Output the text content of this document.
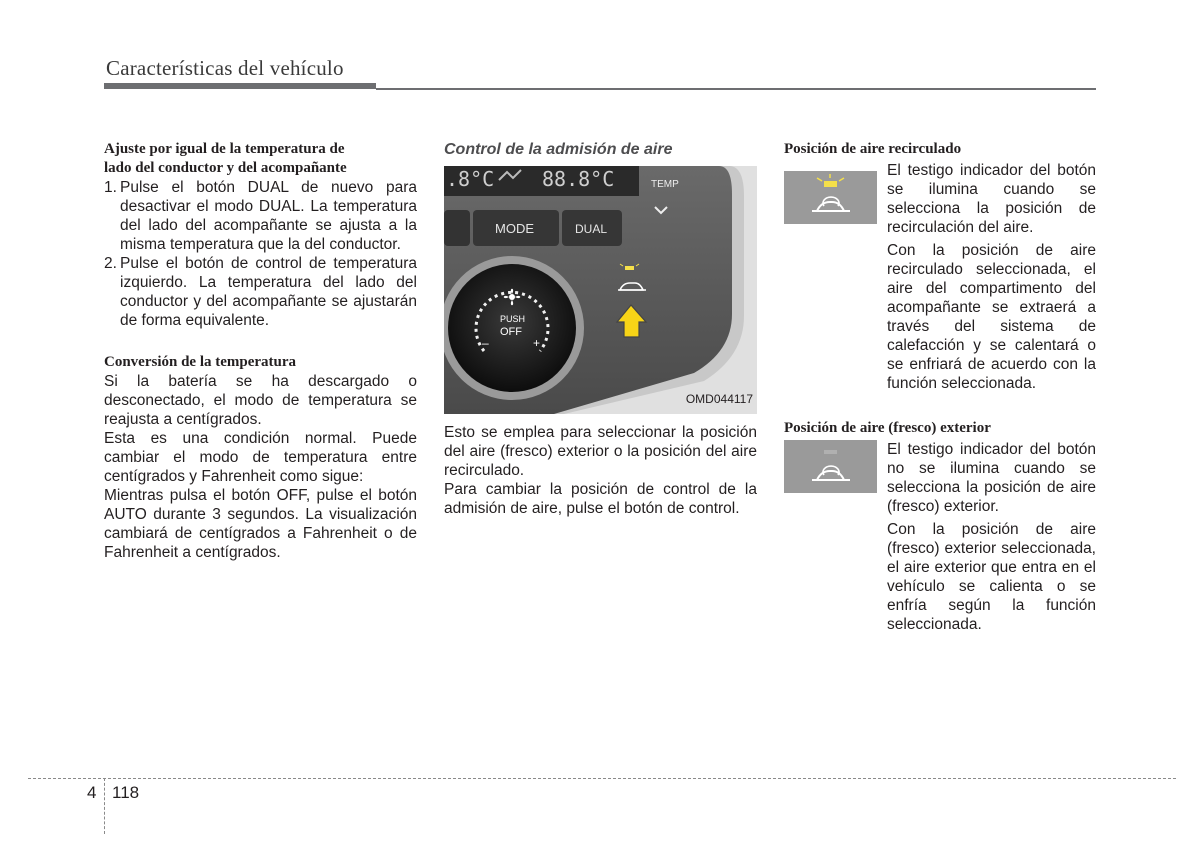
Características del vehículo
Ajuste por igual de la temperatura de
lado del conductor y del acompañante
1. Pulse el botón DUAL de nuevo para desactivar el modo DUAL. La temperatura del lado del acompañante se ajusta a la misma temperatura que la del conductor.
2. Pulse el botón de control de temperatura izquierdo. La temperatura del lado del conductor y del acompañante se ajustarán de forma equivalente.
Conversión de la temperatura

Si la batería se ha descargado o desconectado, el modo de temperatura se reajusta a centígrados.

Esta es una condición normal. Puede cambiar el modo de temperatura entre centígrados y Fahrenheit como sigue:

Mientras pulsa el botón OFF, pulse el botón AUTO durante 3 segundos. La visualización cambiará de centígrados a Fahrenheit o de Fahrenheit a centígrados.

Control de la admisión de aire
.8°C 88.8°C	TEMP
MODE	DUAL
PUSH
OFF
–	+
OMD044117

Esto se emplea para seleccionar la posición del aire (fresco) exterior o la posición del aire recirculado.

Para cambiar la posición de control de la admisión de aire, pulse el botón de control.

Posición de aire recirculado

El testigo indicador del botón se ilumina cuando se selecciona la posición de recirculación del aire.

Con la posición de aire recirculado seleccionada, el aire del compartimento del acompañante se extraerá a través del sistema de calefacción y se calentará o se enfriará de acuerdo con la función seleccionada.

Posición de aire (fresco) exterior

El testigo indicador del botón no se ilumina cuando se selecciona la posición de aire (fresco) exterior.

Con la posición de aire (fresco) exterior seleccionada, el aire exterior que entra en el vehículo se calienta o se enfría según la función seleccionada.

4 118
